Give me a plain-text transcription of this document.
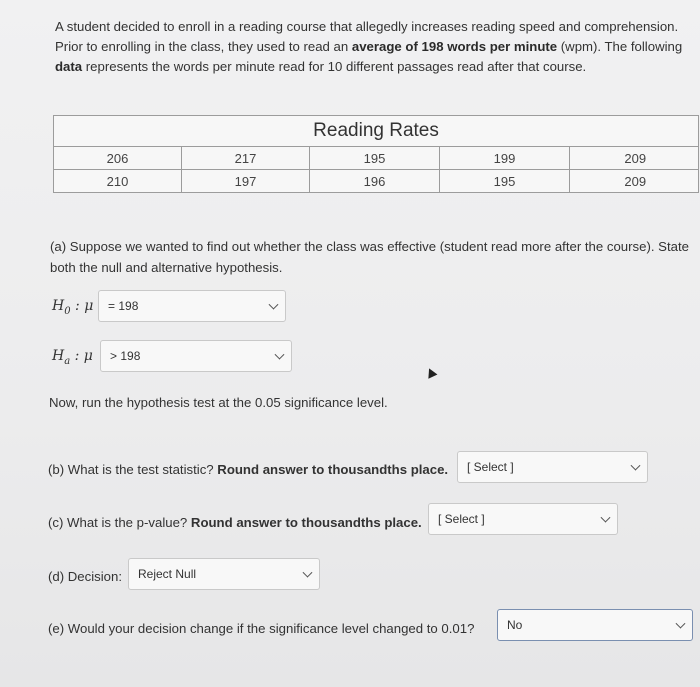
A student decided to enroll in a reading course that allegedly increases reading speed and comprehension. Prior to enrolling in the class, they used to read an average of 198 words per minute (wpm). The following data represents the words per minute read for 10 different passages read after that course.
Reading Rates				
206	217	195	199	209
210	197	196	195	209
(a) Suppose we wanted to find out whether the class was effective (student read more after the course). State both the null and alternative hypothesis.
$H_0$ : μ = 198
$H_a$ : μ > 198
Now, run the hypothesis test at the 0.05 significance level.
(b) What is the test statistic? Round answer to thousandths place. [ Select ]
(c) What is the p-value? Round answer to thousandths place. [ Select ]
(d) Decision: Reject Null
(e) Would your decision change if the significance level changed to 0.01?	No
